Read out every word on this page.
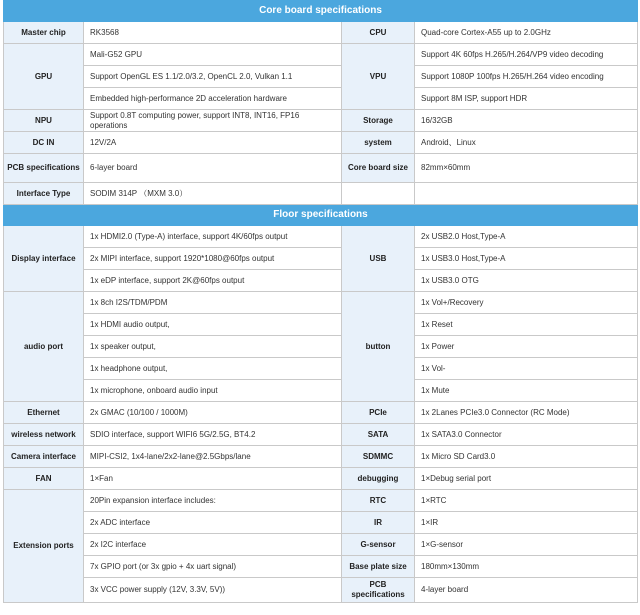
Core board specifications			
Master chip	RK3568	CPU	Quad-core Cortex-A55 up to 2.0GHz
GPU	Mali-G52 GPU	VPU	Support 4K 60fps H.265/H.264/VP9 video decoding
	Support OpenGL ES 1.1/2.0/3.2, OpenCL 2.0, Vulkan 1.1		Support 1080P 100fps H.265/H.264 video encoding
	Embedded high-performance 2D acceleration hardware		Support 8M ISP, support HDR
NPU	Support 0.8T computing power, support INT8, INT16, FP16 operations	Storage	16/32GB
DC IN	12V/2A	system	Android、Linux
PCB specifications	6-layer board	Core board size	82mm×60mm
Interface Type	SODIM 314P （MXM 3.0）		
Floor specifications			
Display interface	1x HDMI2.0 (Type-A) interface, support 4K/60fps output	USB	2x USB2.0 Host,Type-A
	2x MIPI interface, support 1920*1080@60fps output		1x USB3.0 Host,Type-A
	1x eDP interface, support 2K@60fps output		1x USB3.0 OTG
audio port	1x 8ch I2S/TDM/PDM	button	1x Vol+/Recovery
	1x HDMI audio output,		1x Reset
	1x speaker output,		1x Power
	1x headphone output,		1x Vol-
	1x microphone, onboard audio input		1x Mute
Ethernet	2x GMAC (10/100 / 1000M)	PCIe	1x 2Lanes PCIe3.0 Connector (RC Mode)
wireless network	SDIO interface, support WIFI6 5G/2.5G, BT4.2	SATA	1x SATA3.0 Connector
Camera interface	MIPI-CSI2, 1x4-lane/2x2-lane@2.5Gbps/lane	SDMMC	1x Micro SD Card3.0
FAN	1×Fan	debugging	1×Debug serial port
Extension ports	20Pin expansion interface includes:	RTC	1×RTC
	2x ADC interface	IR	1×IR
	2x I2C interface	G-sensor	1×G-sensor
	7x GPIO port (or 3x gpio + 4x uart signal)	Base plate size	180mm×130mm
	3x VCC power supply (12V, 3.3V, 5V))	PCB specifications	4-layer board
